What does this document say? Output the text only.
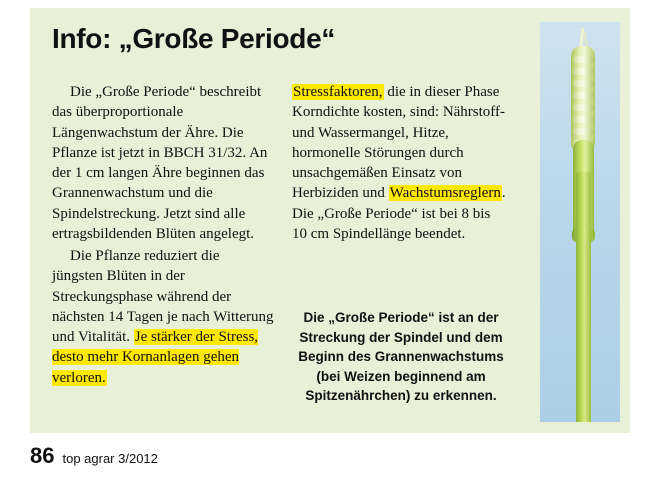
Info: „Große Periode“

Die „Große Periode“ beschreibt das überproportionale Längenwachstum der Ähre. Die Pflanze ist jetzt in BBCH 31/32. An der 1 cm langen Ähre beginnen das Grannenwachstum und die Spindelstreckung. Jetzt sind alle ertragsbildenden Blüten angelegt.

Die Pflanze reduziert die jüngsten Blüten in der Streckungsphase während der nächsten 14 Tagen je nach Witterung und Vitalität. Je stärker der Stress, desto mehr Kornanlagen gehen verloren.

Stressfaktoren, die in dieser Phase Korndichte kosten, sind: Nährstoff- und Wassermangel, Hitze, hormonelle Störungen durch unsachgemäßen Einsatz von Herbiziden und Wachstumsreglern. Die „Große Periode“ ist bei 8 bis 10 cm Spindellänge beendet.

Die „Große Periode“ ist an der Streckung der Spindel und dem Beginn des Grannenwachstums (bei Weizen beginnend am Spitzenährchen) zu erkennen.
86 top agrar 3/2012
